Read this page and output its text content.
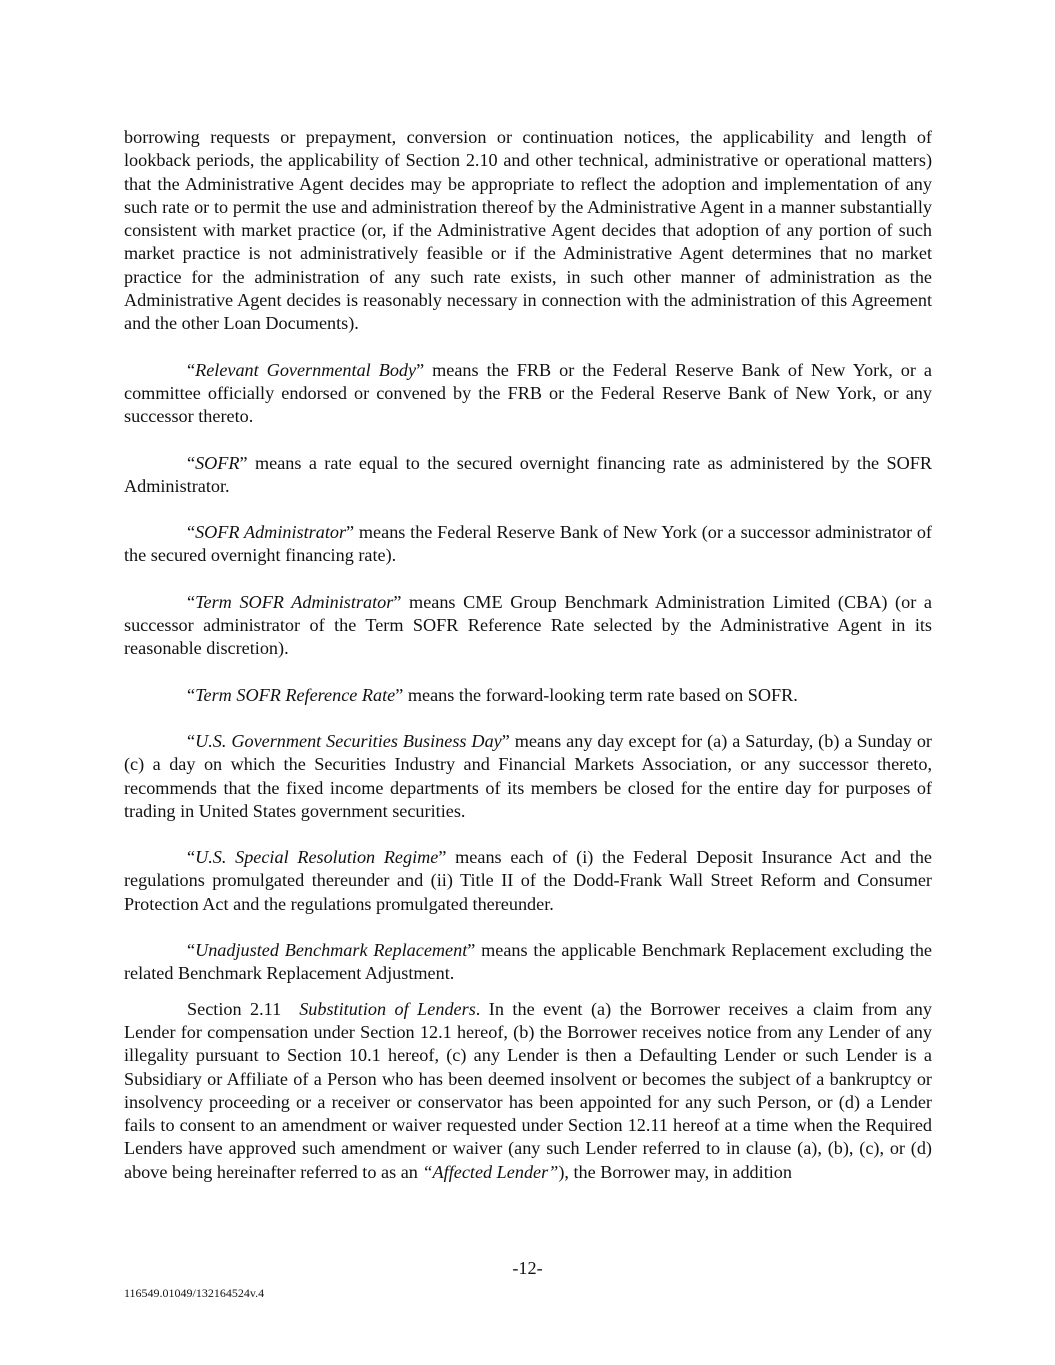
borrowing requests or prepayment, conversion or continuation notices, the applicability and length of lookback periods, the applicability of Section 2.10 and other technical, administrative or operational matters) that the Administrative Agent decides may be appropriate to reflect the adoption and implementation of any such rate or to permit the use and administration thereof by the Administrative Agent in a manner substantially consistent with market practice (or, if the Administrative Agent decides that adoption of any portion of such market practice is not administratively feasible or if the Administrative Agent determines that no market practice for the administration of any such rate exists, in such other manner of administration as the Administrative Agent decides is reasonably necessary in connection with the administration of this Agreement and the other Loan Documents).

“Relevant Governmental Body” means the FRB or the Federal Reserve Bank of New York, or a committee officially endorsed or convened by the FRB or the Federal Reserve Bank of New York, or any successor thereto.

“SOFR” means a rate equal to the secured overnight financing rate as administered by the SOFR Administrator.

“SOFR Administrator” means the Federal Reserve Bank of New York (or a successor administrator of the secured overnight financing rate).

“Term SOFR Administrator” means CME Group Benchmark Administration Limited (CBA) (or a successor administrator of the Term SOFR Reference Rate selected by the Administrative Agent in its reasonable discretion).

“Term SOFR Reference Rate” means the forward-looking term rate based on SOFR.

“U.S. Government Securities Business Day” means any day except for (a) a Saturday, (b) a Sunday or (c) a day on which the Securities Industry and Financial Markets Association, or any successor thereto, recommends that the fixed income departments of its members be closed for the entire day for purposes of trading in United States government securities.

“U.S. Special Resolution Regime” means each of (i) the Federal Deposit Insurance Act and the regulations promulgated thereunder and (ii) Title II of the Dodd-Frank Wall Street Reform and Consumer Protection Act and the regulations promulgated thereunder.

“Unadjusted Benchmark Replacement” means the applicable Benchmark Replacement excluding the related Benchmark Replacement Adjustment.

Section 2.11 Substitution of Lenders. In the event (a) the Borrower receives a claim from any Lender for compensation under Section 12.1 hereof, (b) the Borrower receives notice from any Lender of any illegality pursuant to Section 10.1 hereof, (c) any Lender is then a Defaulting Lender or such Lender is a Subsidiary or Affiliate of a Person who has been deemed insolvent or becomes the subject of a bankruptcy or insolvency proceeding or a receiver or conservator has been appointed for any such Person, or (d) a Lender fails to consent to an amendment or waiver requested under Section 12.11 hereof at a time when the Required Lenders have approved such amendment or waiver (any such Lender referred to in clause (a), (b), (c), or (d) above being hereinafter referred to as an “Affected Lender”), the Borrower may, in addition

-12-
116549.01049/132164524v.4
